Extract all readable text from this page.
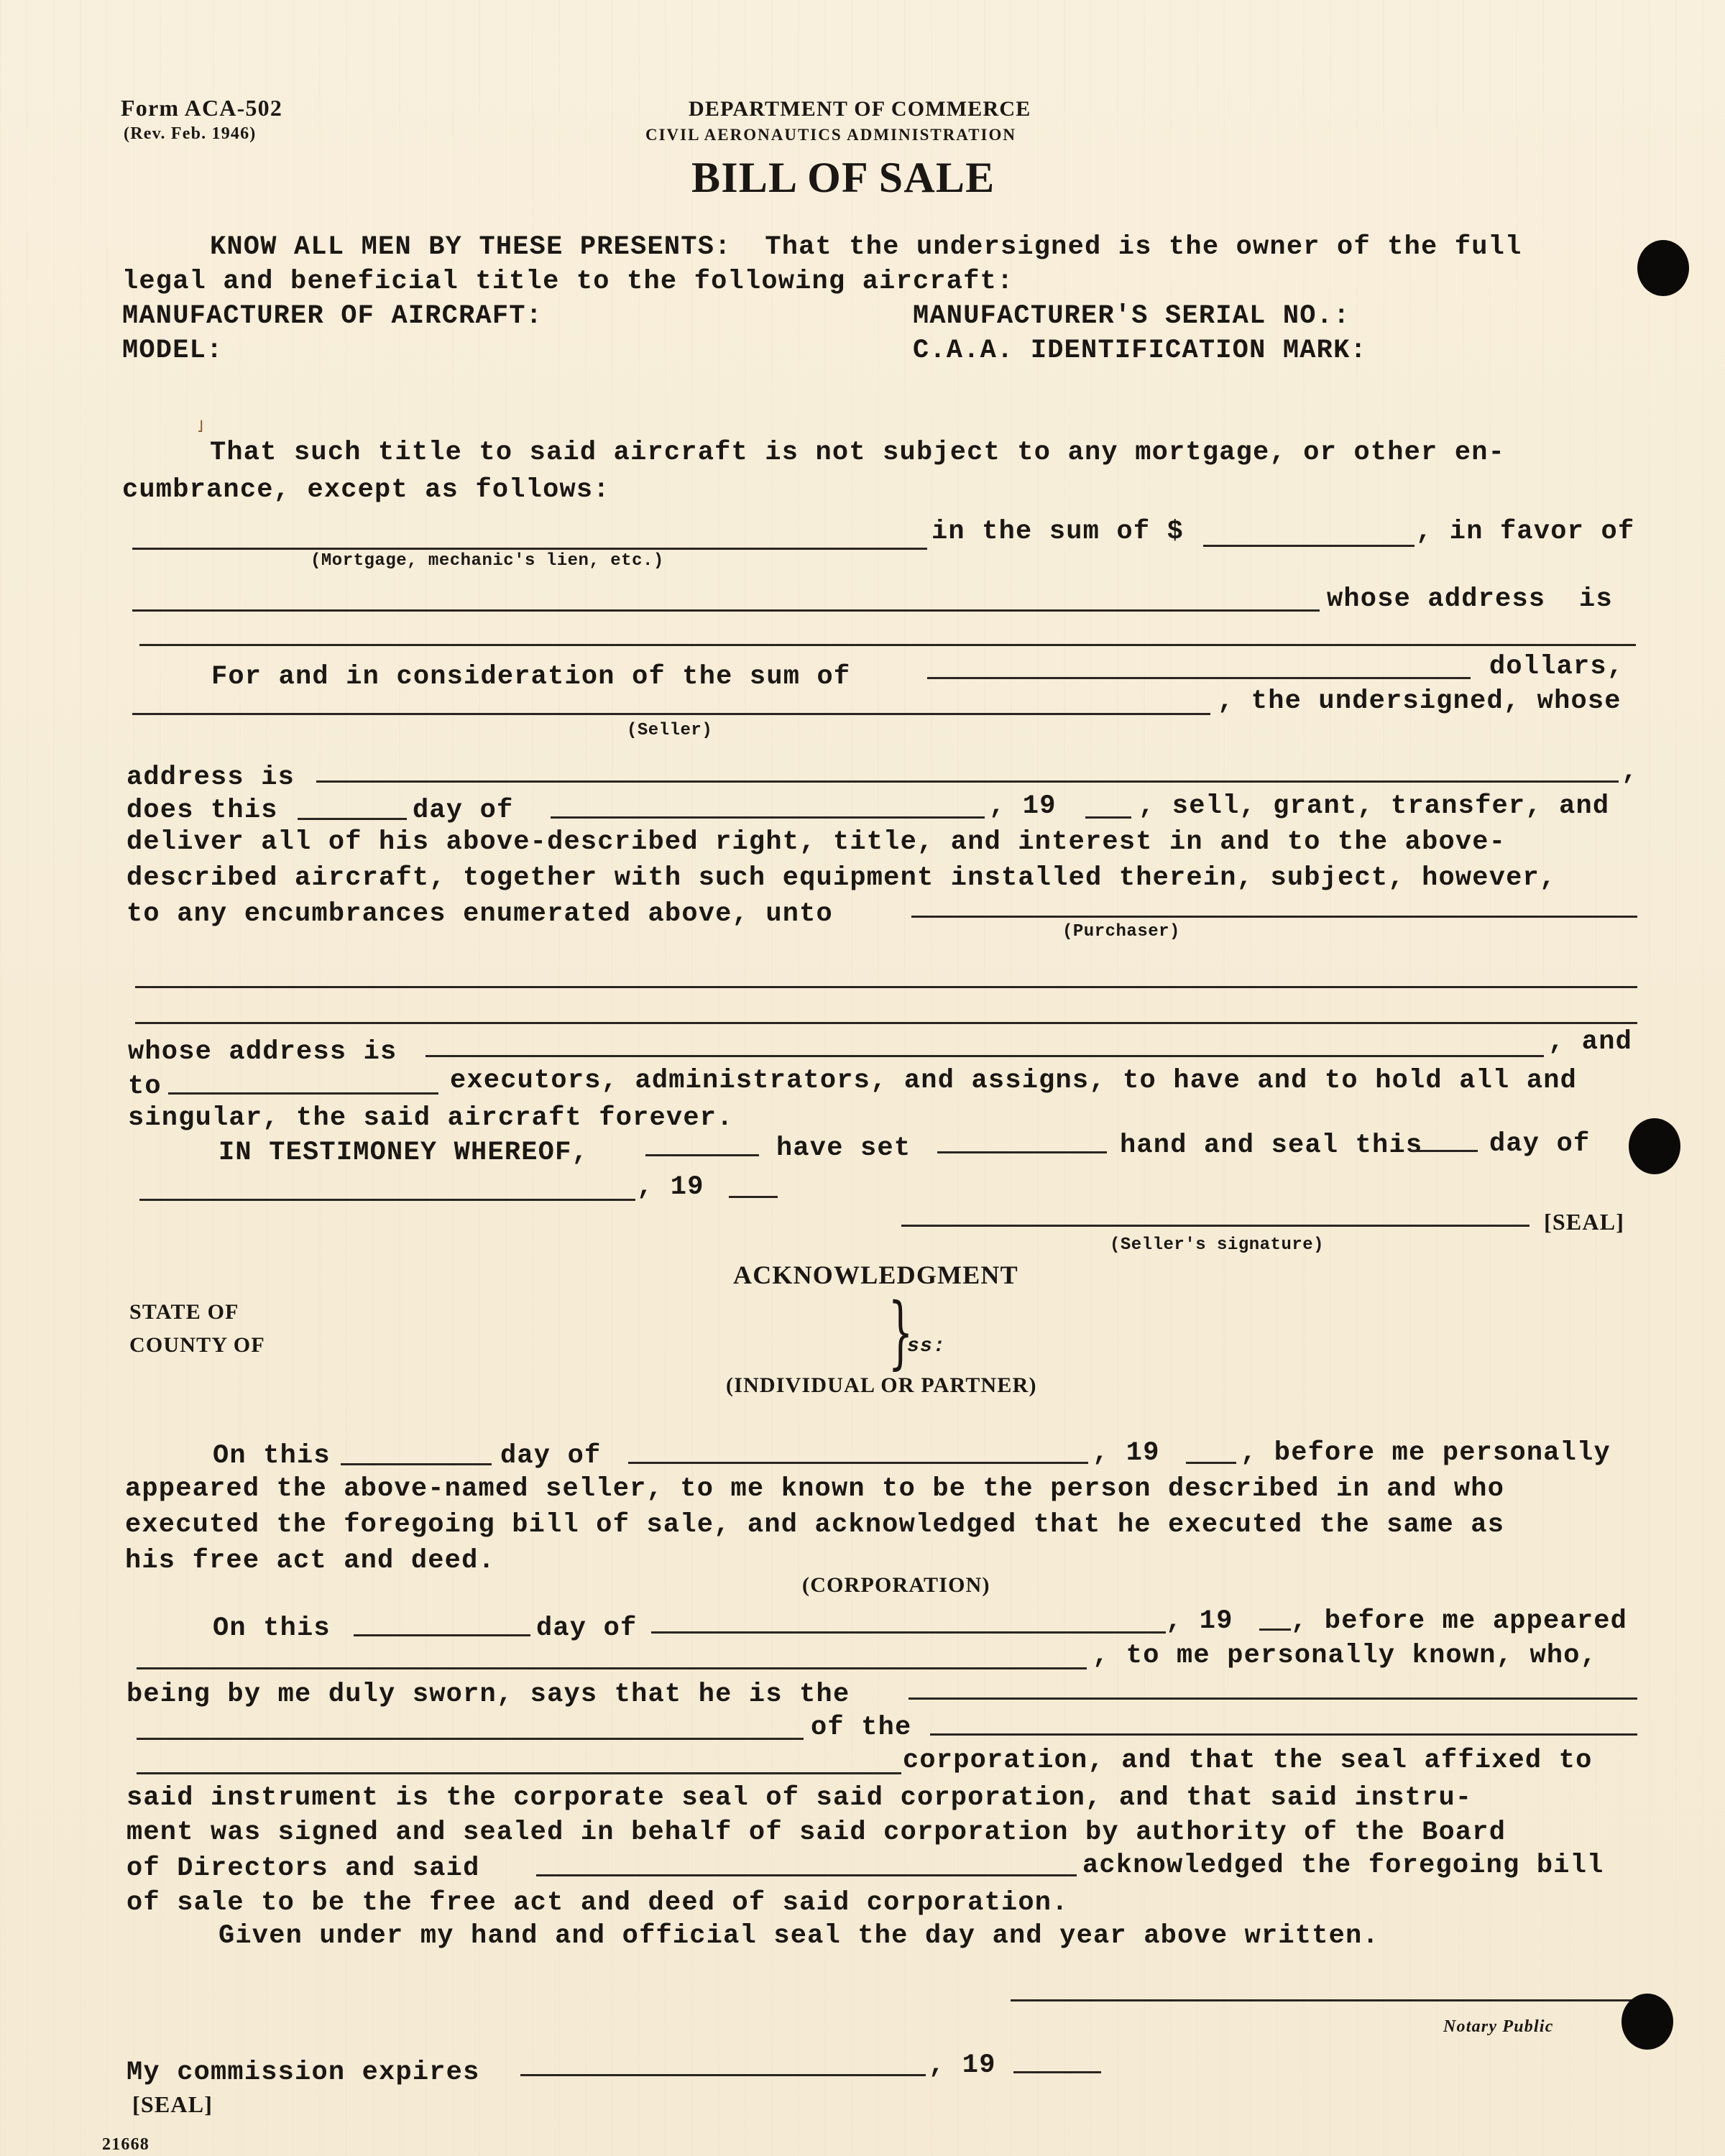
Form ACA-502
(Rev. Feb. 1946)
DEPARTMENT OF COMMERCE
CIVIL AERONAUTICS ADMINISTRATION
BILL OF SALE
KNOW ALL MEN BY THESE PRESENTS:  That the undersigned is the owner of the full
legal and beneficial title to the following aircraft:
MANUFACTURER OF AIRCRAFT:	MANUFACTURER'S SERIAL NO.:
MODEL:	C.A.A. IDENTIFICATION MARK:
˩
That such title to said aircraft is not subject to any mortgage, or other en-
cumbrance, except as follows:
in the sum of $	, in favor of
(Mortgage, mechanic's lien, etc.)
whose address  is
For and in consideration of the sum of	dollars,
, the undersigned, whose
(Seller)
address is	,
does this	day of	, 19	, sell, grant, transfer, and
deliver all of his above-described right, title, and interest in and to the above-
described aircraft, together with such equipment installed therein, subject, however,
to any encumbrances enumerated above, unto
(Purchaser)
whose address is	, and
to	executors, administrators, and assigns, to have and to hold all and
singular, the said aircraft forever.
IN TESTIMONEY WHEREOF,	have set	hand and seal this	day of
, 19
[SEAL]
(Seller's signature)
ACKNOWLEDGMENT
STATE OF
COUNTY OF	}
ss:
(INDIVIDUAL OR PARTNER)
On this	day of	, 19	, before me personally
appeared the above-named seller, to me known to be the person described in and who
executed the foregoing bill of sale, and acknowledged that he executed the same as
his free act and deed.
(CORPORATION)
On this	day of	, 19 , before me appeared
, to me personally known, who,
being by me duly sworn, says that he is the
of the
corporation, and that the seal affixed to
said instrument is the corporate seal of said corporation, and that said instru-
ment was signed and sealed in behalf of said corporation by authority of the Board
of Directors and said	acknowledged the foregoing bill
of sale to be the free act and deed of said corporation.
Given under my hand and official seal the day and year above written.
Notary Public
My commission expires	, 19
[SEAL]
21668
